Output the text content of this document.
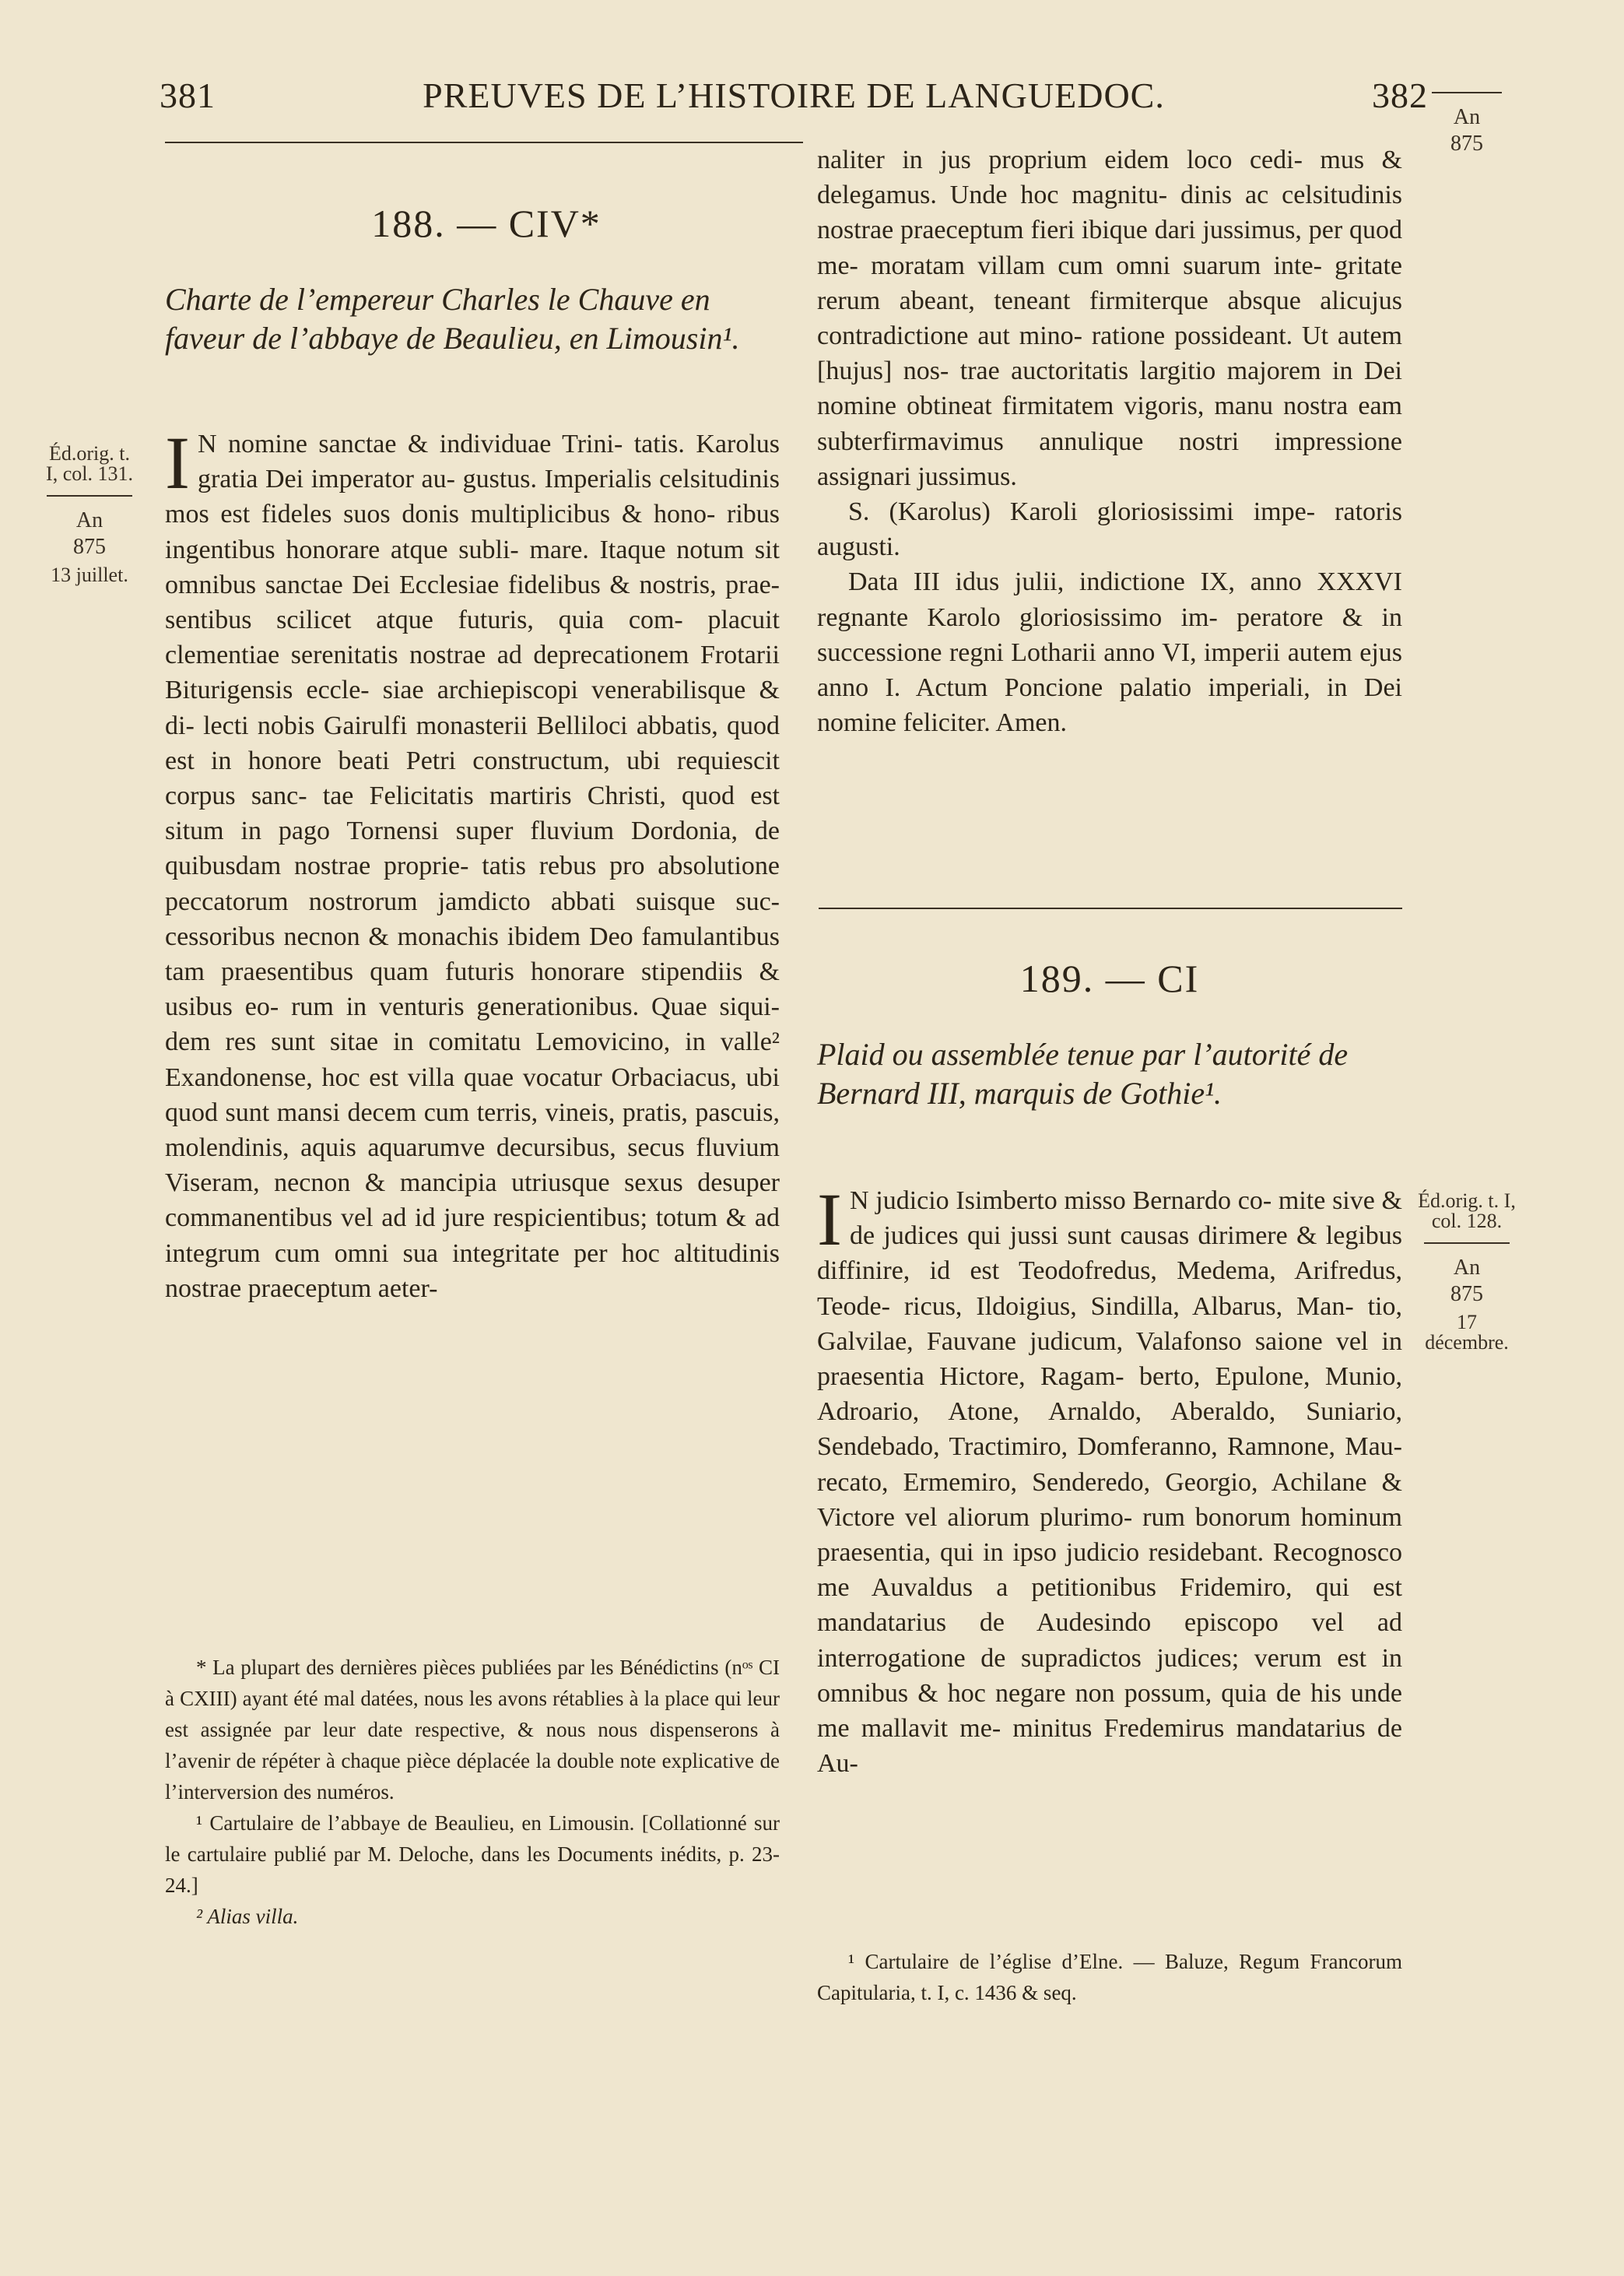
381	PREUVES DE L’HISTOIRE DE LANGUEDOC.	382
Éd.orig. t. I, col. 131.
An
875
13 juillet.
188. — CIV*
Charte de l’empereur Charles le Chauve en faveur de l’abbaye de Beaulieu, en Limousin¹.
I N nomine sanctae & individuae Trini- tatis. Karolus gratia Dei imperator au- gustus. Imperialis celsitudinis mos est fideles suos donis multiplicibus & hono- ribus ingentibus honorare atque subli- mare. Itaque notum sit omnibus sanctae Dei Ecclesiae fidelibus & nostris, prae- sentibus scilicet atque futuris, quia com- placuit clementiae serenitatis nostrae ad deprecationem Frotarii Biturigensis eccle- siae archiepiscopi venerabilisque & di- lecti nobis Gairulfi monasterii Belliloci abbatis, quod est in honore beati Petri constructum, ubi requiescit corpus sanc- tae Felicitatis martiris Christi, quod est situm in pago Tornensi super fluvium Dordonia, de quibusdam nostrae proprie- tatis rebus pro absolutione peccatorum nostrorum jamdicto abbati suisque suc- cessoribus necnon & monachis ibidem Deo famulantibus tam praesentibus quam futuris honorare stipendiis & usibus eo- rum in venturis generationibus. Quae siqui- dem res sunt sitae in comitatu Lemovicino, in valle² Exandonense, hoc est villa quae vocatur Orbaciacus, ubi quod sunt mansi decem cum terris, vineis, pratis, pascuis, molendinis, aquis aquarumve decursibus, secus fluvium Viseram, necnon & mancipia utriusque sexus desuper commanentibus vel ad id jure respicientibus; totum & ad integrum cum omni sua integritate per hoc altitudinis nostrae praeceptum aeter-

* La plupart des dernières pièces publiées par les Bénédictins (nᵒˢ CI à CXIII) ayant été mal datées, nous les avons rétablies à la place qui leur est assignée par leur date respective, & nous nous dispenserons à l’avenir de répéter à chaque pièce déplacée la double note explicative de l’interversion des numéros.

¹ Cartulaire de l’abbaye de Beaulieu, en Limousin. [Collationné sur le cartulaire publié par M. Deloche, dans les Documents inédits, p. 23-24.]

² Alias villa.

naliter in jus proprium eidem loco cedi- mus & delegamus. Unde hoc magnitu- dinis ac celsitudinis nostrae praeceptum fieri ibique dari jussimus, per quod me- moratam villam cum omni suarum inte- gritate rerum abeant, teneant firmiterque absque alicujus contradictione aut mino- ratione possideant. Ut autem [hujus] nos- trae auctoritatis largitio majorem in Dei nomine obtineat firmitatem vigoris, manu nostra eam subterfirmavimus annulique nostri impressione assignari jussimus.

S. (Karolus) Karoli gloriosissimi impe- ratoris augusti.

Data III idus julii, indictione IX, anno XXXVI regnante Karolo gloriosissimo im- peratore & in successione regni Lotharii anno VI, imperii autem ejus anno I. Actum Poncione palatio imperiali, in Dei nomine feliciter. Amen.

189. — CI
Plaid ou assemblée tenue par l’autorité de Bernard III, marquis de Gothie¹.
I N judicio Isimberto misso Bernardo co- mite sive & de judices qui jussi sunt causas dirimere & legibus diffinire, id est Teodofredus, Medema, Arifredus, Teode- ricus, Ildoigius, Sindilla, Albarus, Man- tio, Galvilae, Fauvane judicum, Valafonso saione vel in praesentia Hictore, Ragam- berto, Epulone, Munio, Adroario, Atone, Arnaldo, Aberaldo, Suniario, Sendebado, Tractimiro, Domferanno, Ramnone, Mau- recato, Ermemiro, Senderedo, Georgio, Achilane & Victore vel aliorum plurimo- rum bonorum hominum praesentia, qui in ipso judicio residebant. Recognosco me Auvaldus a petitionibus Fridemiro, qui est mandatarius de Audesindo episcopo vel ad interrogatione de supradictos judices; verum est in omnibus & hoc negare non possum, quia de his unde me mallavit me- minitus Fredemirus mandatarius de Au-

¹ Cartulaire de l’église d’Elne. — Baluze, Regum Francorum Capitularia, t. I, c. 1436 & seq.

An
875
Éd.orig. t. I, col. 128.
An
875
17 décembre.
